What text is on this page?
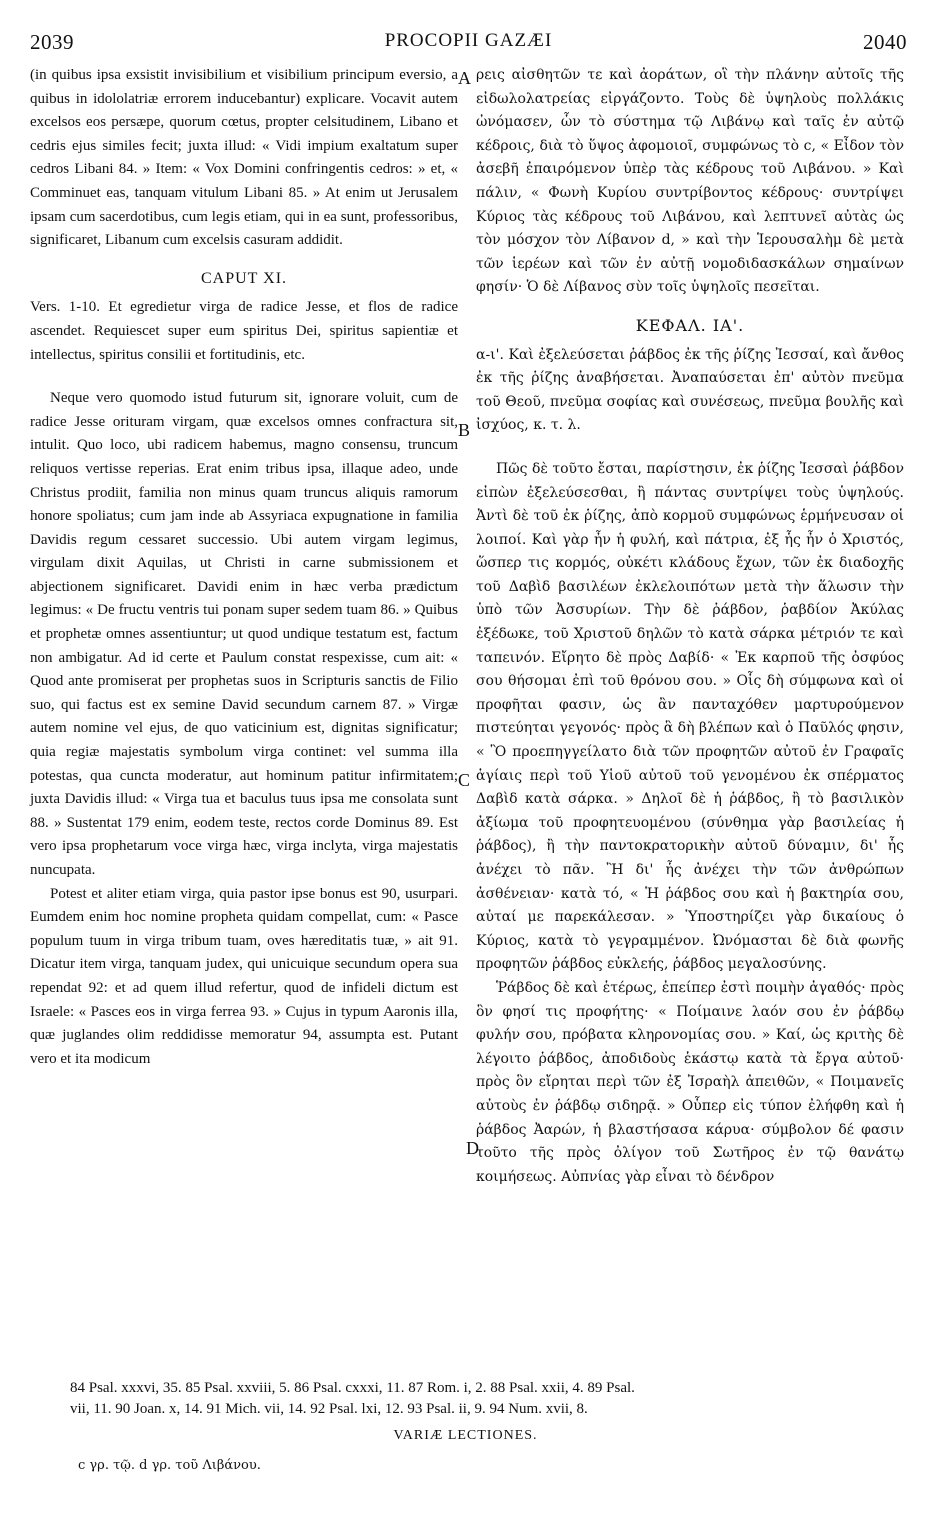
2039	PROCOPII GAZÆI	2040

(in quibus ipsa exsistit invisibilium et visibilium principum eversio, a quibus in idololatriæ errorem inducebantur) explicare. Vocavit autem excelsos eos persæpe, quorum cœtus, propter celsitudinem, Libano et cedris ejus similes fecit; juxta illud: « Vidi impium exaltatum super cedros Libani 84. » Item: « Vox Domini confringentis cedros: » et, « Comminuet eas, tanquam vitulum Libani 85. » At enim ut Jerusalem ipsam cum sacerdotibus, cum legis etiam, qui in ea sunt, professoribus, significaret, Libanum cum excelsis casuram addidit.

CAPUT XI.

Vers. 1-10. Et egredietur virga de radice Jesse, et flos de radice ascendet. Requiescet super eum spiritus Dei, spiritus sapientiæ et intellectus, spiritus consilii et fortitudinis, etc.

Neque vero quomodo istud futurum sit, ignorare voluit, cum de radice Jesse orituram virgam, quæ excelsos omnes confractura sit, intulit. Quo loco, ubi radicem habemus, magno consensu, truncum reliquos vertisse reperias. Erat enim tribus ipsa, illaque adeo, unde Christus prodiit, familia non minus quam truncus aliquis ramorum honore spoliatus; cum jam inde ab Assyriaca expugnatione in familia Davidis regum cessaret successio. Ubi autem virgam legimus, virgulam dixit Aquilas, ut Christi in carne submissionem et abjectionem significaret. Davidi enim in hæc verba prædictum legimus: « De fructu ventris tui ponam super sedem tuam 86. » Quibus et prophetæ omnes assentiuntur; ut quod undique testatum est, factum non ambigatur. Ad id certe et Paulum constat respexisse, cum ait: « Quod ante promiserat per prophetas suos in Scripturis sanctis de Filio suo, qui factus est ex semine David secundum carnem 87. » Virgæ autem nomine vel ejus, de quo vaticinium est, dignitas significatur; quia regiæ majestatis symbolum virga continet: vel summa illa potestas, qua cuncta moderatur, aut hominum patitur infirmitatem; juxta Davidis illud: « Virga tua et baculus tuus ipsa me consolata sunt 88. » Sustentat 179 enim, eodem teste, rectos corde Dominus 89. Est vero ipsa prophetarum voce virga hæc, virga inclyta, virga majestatis nuncupata.

Potest et aliter etiam virga, quia pastor ipse bonus est 90, usurpari. Eumdem enim hoc nomine propheta quidam compellat, cum: « Pasce populum tuum in virga tribum tuam, oves hæreditatis tuæ, » ait 91. Dicatur item virga, tanquam judex, qui unicuique secundum opera sua rependat 92: et ad quem illud refertur, quod de infideli dictum est Israele: « Pasces eos in virga ferrea 93. » Cujus in typum Aaronis illa, quæ juglandes olim reddidisse memoratur 94, assumpta est. Putant vero et ita modicum

ρεις αἰσθητῶν τε καὶ ἀοράτων, οἳ τὴν πλάνην αὐτοῖς τῆς εἰδωλολατρείας εἰργάζοντο. Τοὺς δὲ ὑψηλοὺς πολλάκις ὠνόμασεν, ὧν τὸ σύστημα τῷ Λιβάνῳ καὶ ταῖς ἐν αὐτῷ κέδροις, διὰ τὸ ὕψος ἀφομοιοῖ, συμφώνως τὸ c, « Εἶδον τὸν ἀσεβῆ ἐπαιρόμενον ὑπὲρ τὰς κέδρους τοῦ Λιβάνου. » Καὶ πάλιν, « Φωνὴ Κυρίου συντρίβοντος κέδρους· συντρίψει Κύριος τὰς κέδρους τοῦ Λιβάνου, καὶ λεπτυνεῖ αὐτὰς ὡς τὸν μόσχον τὸν Λίβανον d, » καὶ τὴν Ἱερουσαλὴμ δὲ μετὰ τῶν ἱερέων καὶ τῶν ἐν αὐτῇ νομοδιδασκάλων σημαίνων φησίν· Ὁ δὲ Λίβανος σὺν τοῖς ὑψηλοῖς πεσεῖται.

ΚΕΦΑΛ. ΙΑ'.

α-ι'. Καὶ ἐξελεύσεται ῥάβδος ἐκ τῆς ῥίζης Ἰεσσαί, καὶ ἄνθος ἐκ τῆς ῥίζης ἀναβήσεται. Ἀναπαύσεται ἐπ' αὐτὸν πνεῦμα τοῦ Θεοῦ, πνεῦμα σοφίας καὶ συνέσεως, πνεῦμα βουλῆς καὶ ἰσχύος, κ. τ. λ.

Πῶς δὲ τοῦτο ἔσται, παρίστησιν, ἐκ ῥίζης Ἰεσσαὶ ῥάβδον εἰπὼν ἐξελεύσεσθαι, ἢ πάντας συντρίψει τοὺς ὑψηλούς. Ἀντὶ δὲ τοῦ ἐκ ῥίζης, ἀπὸ κορμοῦ συμφώνως ἑρμήνευσαν οἱ λοιποί. Καὶ γὰρ ἦν ἡ φυλή, καὶ πάτρια, ἐξ ἧς ἦν ὁ Χριστός, ὥσπερ τις κορμός, οὐκέτι κλάδους ἔχων, τῶν ἐκ διαδοχῆς τοῦ Δαβὶδ βασιλέων ἐκλελοιπότων μετὰ τὴν ἅλωσιν τὴν ὑπὸ τῶν Ἀσσυρίων. Τὴν δὲ ῥάβδον, ῥαβδίον Ἀκύλας ἐξέδωκε, τοῦ Χριστοῦ δηλῶν τὸ κατὰ σάρκα μέτριόν τε καὶ ταπεινόν. Εἴρητο δὲ πρὸς Δαβίδ· « Ἐκ καρποῦ τῆς ὀσφύος σου θήσομαι ἐπὶ τοῦ θρόνου σου. » Οἷς δὴ σύμφωνα καὶ οἱ προφῆται φασιν, ὡς ἂν πανταχόθεν μαρτυρούμενον πιστεύηται γεγονός· πρὸς ἃ δὴ βλέπων καὶ ὁ Παῦλός φησιν, « Ὃ προεπηγγείλατο διὰ τῶν προφητῶν αὐτοῦ ἐν Γραφαῖς ἁγίαις περὶ τοῦ Υἱοῦ αὐτοῦ τοῦ γενομένου ἐκ σπέρματος Δαβὶδ κατὰ σάρκα. » Δηλοῖ δὲ ἡ ῥάβδος, ἢ τὸ βασιλικὸν ἀξίωμα τοῦ προφητευομένου (σύνθημα γὰρ βασιλείας ἡ ῥάβδος), ἢ τὴν παντοκρατορικὴν αὐτοῦ δύναμιν, δι' ἧς ἀνέχει τὸ πᾶν. Ἢ δι' ἧς ἀνέχει τὴν τῶν ἀνθρώπων ἀσθένειαν· κατὰ τό, « Ἡ ῥάβδος σου καὶ ἡ βακτηρία σου, αὐταί με παρεκάλεσαν. » Ὑποστηρίζει γὰρ δικαίους ὁ Κύριος, κατὰ τὸ γεγραμμένον. Ὠνόμασται δὲ διὰ φωνῆς προφητῶν ῥάβδος εὐκλεής, ῥάβδος μεγαλοσύνης.

Ῥάβδος δὲ καὶ ἑτέρως, ἐπείπερ ἐστὶ ποιμὴν ἀγαθός· πρὸς ὃν φησί τις προφήτης· « Ποίμαινε λαόν σου ἐν ῥάβδῳ φυλήν σου, πρόβατα κληρονομίας σου. » Καί, ὡς κριτὴς δὲ λέγοιτο ῥάβδος, ἀποδιδοὺς ἑκάστῳ κατὰ τὰ ἔργα αὐτοῦ· πρὸς ὃν εἴρηται περὶ τῶν ἐξ Ἰσραὴλ ἀπειθῶν, « Ποιμανεῖς αὐτοὺς ἐν ῥάβδῳ σιδηρᾷ. » Οὗπερ εἰς τύπον ἐλήφθη καὶ ἡ ῥάβδος Ἀαρών, ἡ βλαστήσασα κάρυα· σύμβολον δέ φασιν τοῦτο τῆς πρὸς ὀλίγον τοῦ Σωτῆρος ἐν τῷ θανάτῳ κοιμήσεως. Αὐπνίας γὰρ εἶναι τὸ δένδρον

A
B
C
D
84 Psal. xxxvi, 35. 85 Psal. xxviii, 5. 86 Psal. cxxxi, 11. 87 Rom. i, 2. 88 Psal. xxii, 4. 89 Psal.
vii, 11. 90 Joan. x, 14. 91 Mich. vii, 14. 92 Psal. lxi, 12. 93 Psal. ii, 9. 94 Num. xvii, 8.
VARIÆ LECTIONES.
c γρ. τῷ. d γρ. τοῦ Λιβάνου.
